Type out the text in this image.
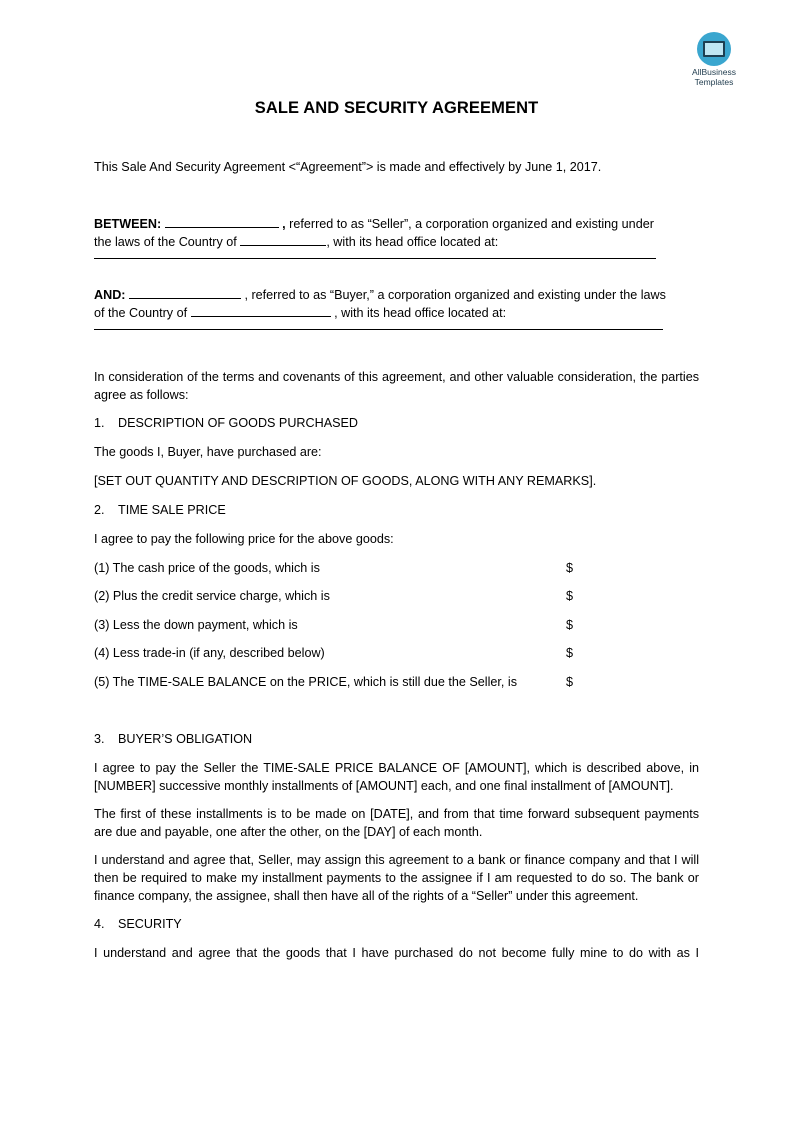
AllBusiness
Templates
SALE AND SECURITY AGREEMENT

This Sale And Security Agreement <“Agreement”> is made and effectively by June 1, 2017.

BETWEEN:	, referred to as “Seller”, a corporation organized and existing under

the laws of the Country of	, with its head office located at:

AND:	, referred to as “Buyer,” a corporation organized and existing under the laws

of the Country of	, with its head office located at:

In consideration of the terms and covenants of this agreement, and other valuable consideration, the parties agree as follows:

1. DESCRIPTION OF GOODS PURCHASED

The goods I, Buyer, have purchased are:

[SET OUT QUANTITY AND DESCRIPTION OF GOODS, ALONG WITH ANY REMARKS].

2. TIME SALE PRICE

I agree to pay the following price for the above goods:

(1) The cash price of the goods, which is	$
(2) Plus the credit service charge, which is	$
(3) Less the down payment, which is	$
(4) Less trade-in (if any, described below)	$
(5) The TIME-SALE BALANCE on the PRICE, which is still due the Seller, is	$

3. BUYER’S OBLIGATION

I agree to pay the Seller the TIME-SALE PRICE BALANCE OF [AMOUNT], which is described above, in [NUMBER] successive monthly installments of [AMOUNT] each, and one final installment of [AMOUNT].

The first of these installments is to be made on [DATE], and from that time forward subsequent payments are due and payable, one after the other, on the [DAY] of each month.

I understand and agree that, Seller, may assign this agreement to a bank or finance company and that I will then be required to make my installment payments to the assignee if I am requested to do so. The bank or finance company, the assignee, shall then have all of the rights of a “Seller” under this agreement.

4. SECURITY

I understand and agree that the goods that I have purchased do not become fully mine to do with as I
